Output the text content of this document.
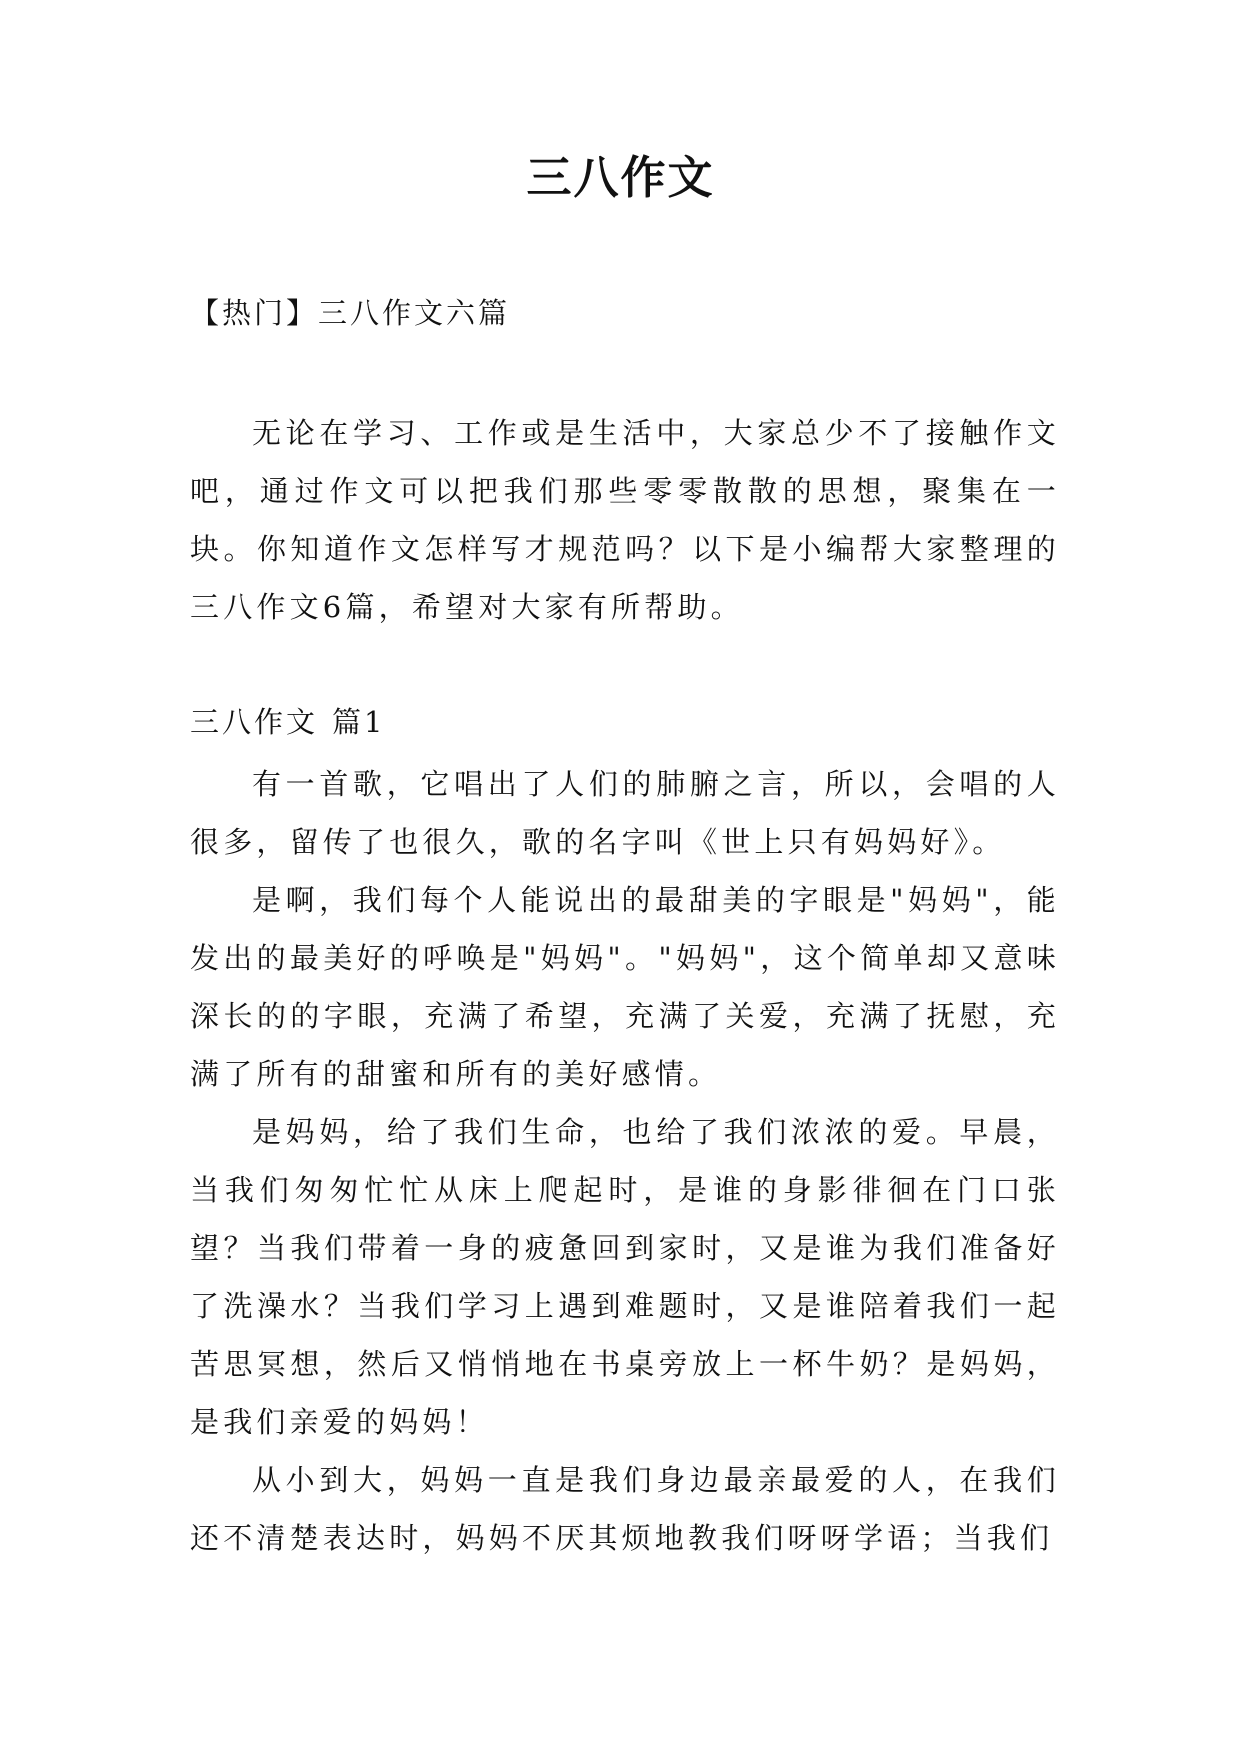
三八作文
【热门】三八作文六篇

无论在学习、工作或是生活中，大家总少不了接触作文吧，通过作文可以把我们那些零零散散的思想，聚集在一块。你知道作文怎样写才规范吗？以下是小编帮大家整理的三八作文6篇，希望对大家有所帮助。

三八作文 篇1

有一首歌，它唱出了人们的肺腑之言，所以，会唱的人很多，留传了也很久，歌的名字叫《世上只有妈妈好》。

是啊，我们每个人能说出的最甜美的字眼是"妈妈"，能发出的最美好的呼唤是"妈妈"。"妈妈"，这个简单却又意味深长的的字眼，充满了希望，充满了关爱，充满了抚慰，充满了所有的甜蜜和所有的美好感情。

是妈妈，给了我们生命，也给了我们浓浓的爱。早晨，当我们匆匆忙忙从床上爬起时，是谁的身影徘徊在门口张望？当我们带着一身的疲惫回到家时，又是谁为我们准备好了洗澡水？当我们学习上遇到难题时，又是谁陪着我们一起苦思冥想，然后又悄悄地在书桌旁放上一杯牛奶？是妈妈，是我们亲爱的妈妈！

从小到大，妈妈一直是我们身边最亲最爱的人，在我们还不清楚表达时，妈妈不厌其烦地教我们呀呀学语；当我们
